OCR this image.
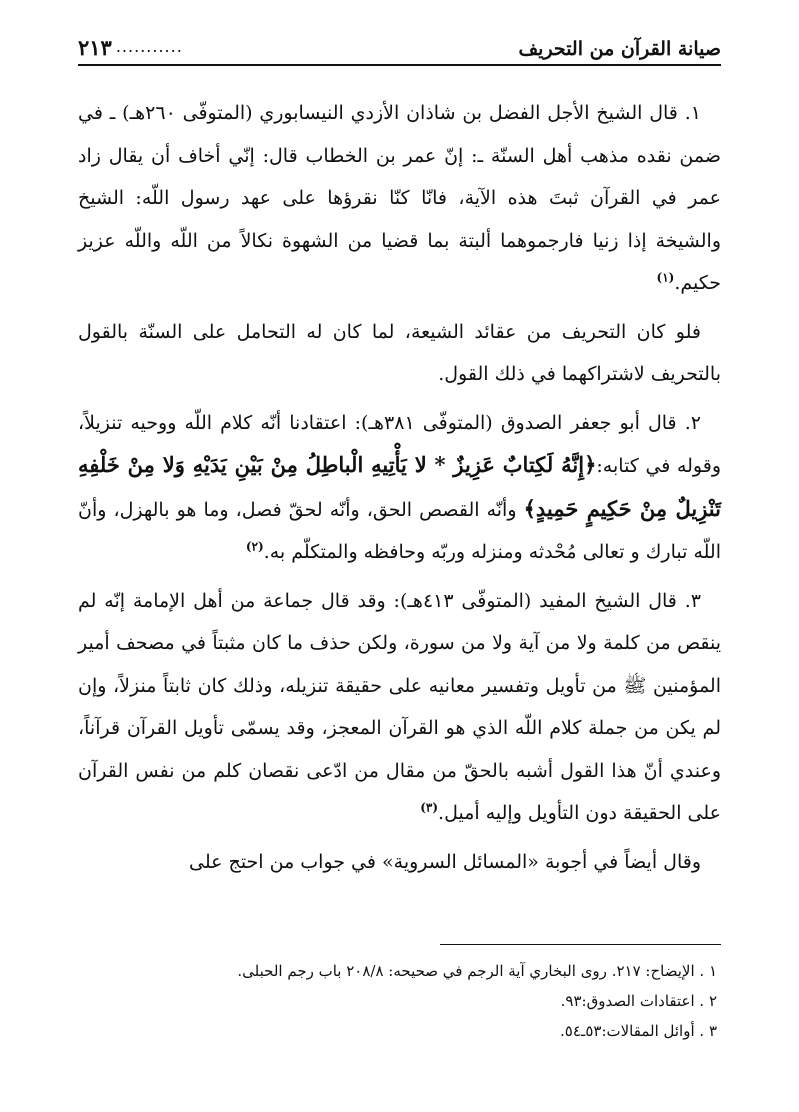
صيانة القرآن من التحريف
...........
٢١٣

١. قال الشيخ الأجل الفضل بن شاذان الأزدي النيسابوري (المتوفّى ٢٦٠هـ) ـ في ضمن نقده مذهب أهل السنّة ـ: إنّ عمر بن الخطاب قال: إنّي أخاف أن يقال زاد عمر في القرآن ثبتَ هذه الآية، فانّا كنّا نقرؤها على عهد رسول اللّه: الشيخ والشيخة إذا زنيا فارجموهما ألبتة بما قضيا من الشهوة نكالاً من اللّه واللّه عزيز حكيم.$^{(١)}$

فلو كان التحريف من عقائد الشيعة، لما كان له التحامل على السنّة بالقول بالتحريف لاشتراكهما في ذلك القول.

٢. قال أبو جعفر الصدوق (المتوفّى ٣٨١هـ): اعتقادنا أنّه كلام اللّه ووحيه تنزيلاً، وقوله في كتابه:﴿إِنَّهُ لَكِتابٌ عَزِيزٌ * لا يَأْتِيهِ الْباطِلُ مِنْ بَيْنِ يَدَيْهِ وَلا مِنْ خَلْفِهِ تَنْزِيلٌ مِنْ حَكِيمٍ حَمِيدٍ﴾ وأنّه القصص الحق، وأنّه لحقّ فصل، وما هو بالهزل، وأنّ اللّه تبارك و تعالى مُحْدثه ومنزله وربّه وحافظه والمتكلّم به.$^{(٢)}$

٣. قال الشيخ المفيد (المتوفّى ٤١٣هـ): وقد قال جماعة من أهل الإمامة إنّه لم ينقص من كلمة ولا من آية ولا من سورة، ولكن حذف ما كان مثبتاً في مصحف أمير المؤمنين ﷺ من تأويل وتفسير معانيه على حقيقة تنزيله، وذلك كان ثابتاً منزلاً، وإن لم يكن من جملة كلام اللّه الذي هو القرآن المعجز، وقد يسمّى تأويل القرآن قرآناً، وعندي أنّ هذا القول أشبه بالحقّ من مقال من ادّعى نقصان كلم من نفس القرآن على الحقيقة دون التأويل وإليه أميل.$^{(٣)}$

وقال أيضاً في أجوبة «المسائل السروية» في جواب من احتج على

١ . الإيضاح: ٢١٧. روى البخاري آية الرجم في صحيحه: ٢٠٨/٨ باب رجم الحبلى.
٢ . اعتقادات الصدوق:٩٣.
٣ . أوائل المقالات:٥٣ـ٥٤.
